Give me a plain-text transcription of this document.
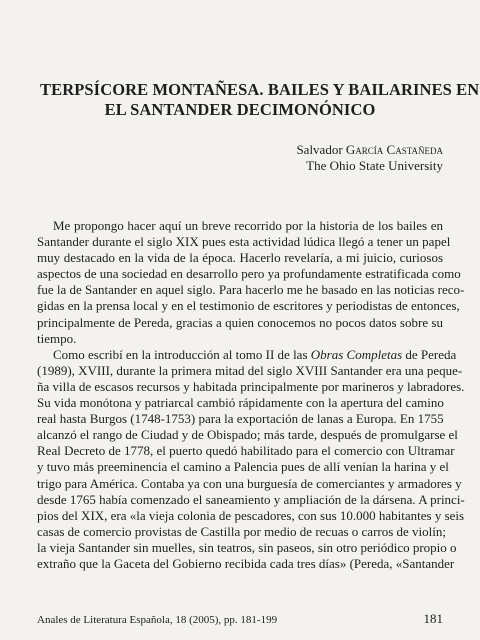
TERPSÍCORE MONTAÑESA. BAILES Y BAILARINES EN
EL SANTANDER DECIMONÓNICO
Salvador García Castañeda
The Ohio State University
Me propongo hacer aquí un breve recorrido por la historia de los bailes en
Santander durante el siglo XIX pues esta actividad lúdica llegó a tener un papel
muy destacado en la vida de la época. Hacerlo revelaría, a mi juicio, curiosos
aspectos de una sociedad en desarrollo pero ya profundamente estratificada como
fue la de Santander en aquel siglo. Para hacerlo me he basado en las noticias reco-
gidas en la prensa local y en el testimonio de escritores y periodistas de entonces,
principalmente de Pereda, gracias a quien conocemos no pocos datos sobre su
tiempo.
Como escribí en la introducción al tomo II de las Obras Completas de Pereda
(1989), XVIII, durante la primera mitad del siglo XVIII Santander era una peque-
ña villa de escasos recursos y habitada principalmente por marineros y labradores.
Su vida monótona y patriarcal cambió rápidamente con la apertura del camino
real hasta Burgos (1748-1753) para la exportación de lanas a Europa. En 1755
alcanzó el rango de Ciudad y de Obispado; más tarde, después de promulgarse el
Real Decreto de 1778, el puerto quedó habilitado para el comercio con Ultramar
y tuvo más preeminencia el camino a Palencia pues de allí venían la harina y el
trigo para América. Contaba ya con una burguesía de comerciantes y armadores y
desde 1765 había comenzado el saneamiento y ampliación de la dársena. A princi-
pios del XIX, era «la vieja colonia de pescadores, con sus 10.000 habitantes y seis
casas de comercio provistas de Castilla por medio de recuas o carros de violín;
la vieja Santander sin muelles, sin teatros, sin paseos, sin otro periódico propio o
extraño que la Gaceta del Gobierno recibida cada tres días» (Pereda, «Santander
Anales de Literatura Española, 18 (2005), pp. 181-199	181
